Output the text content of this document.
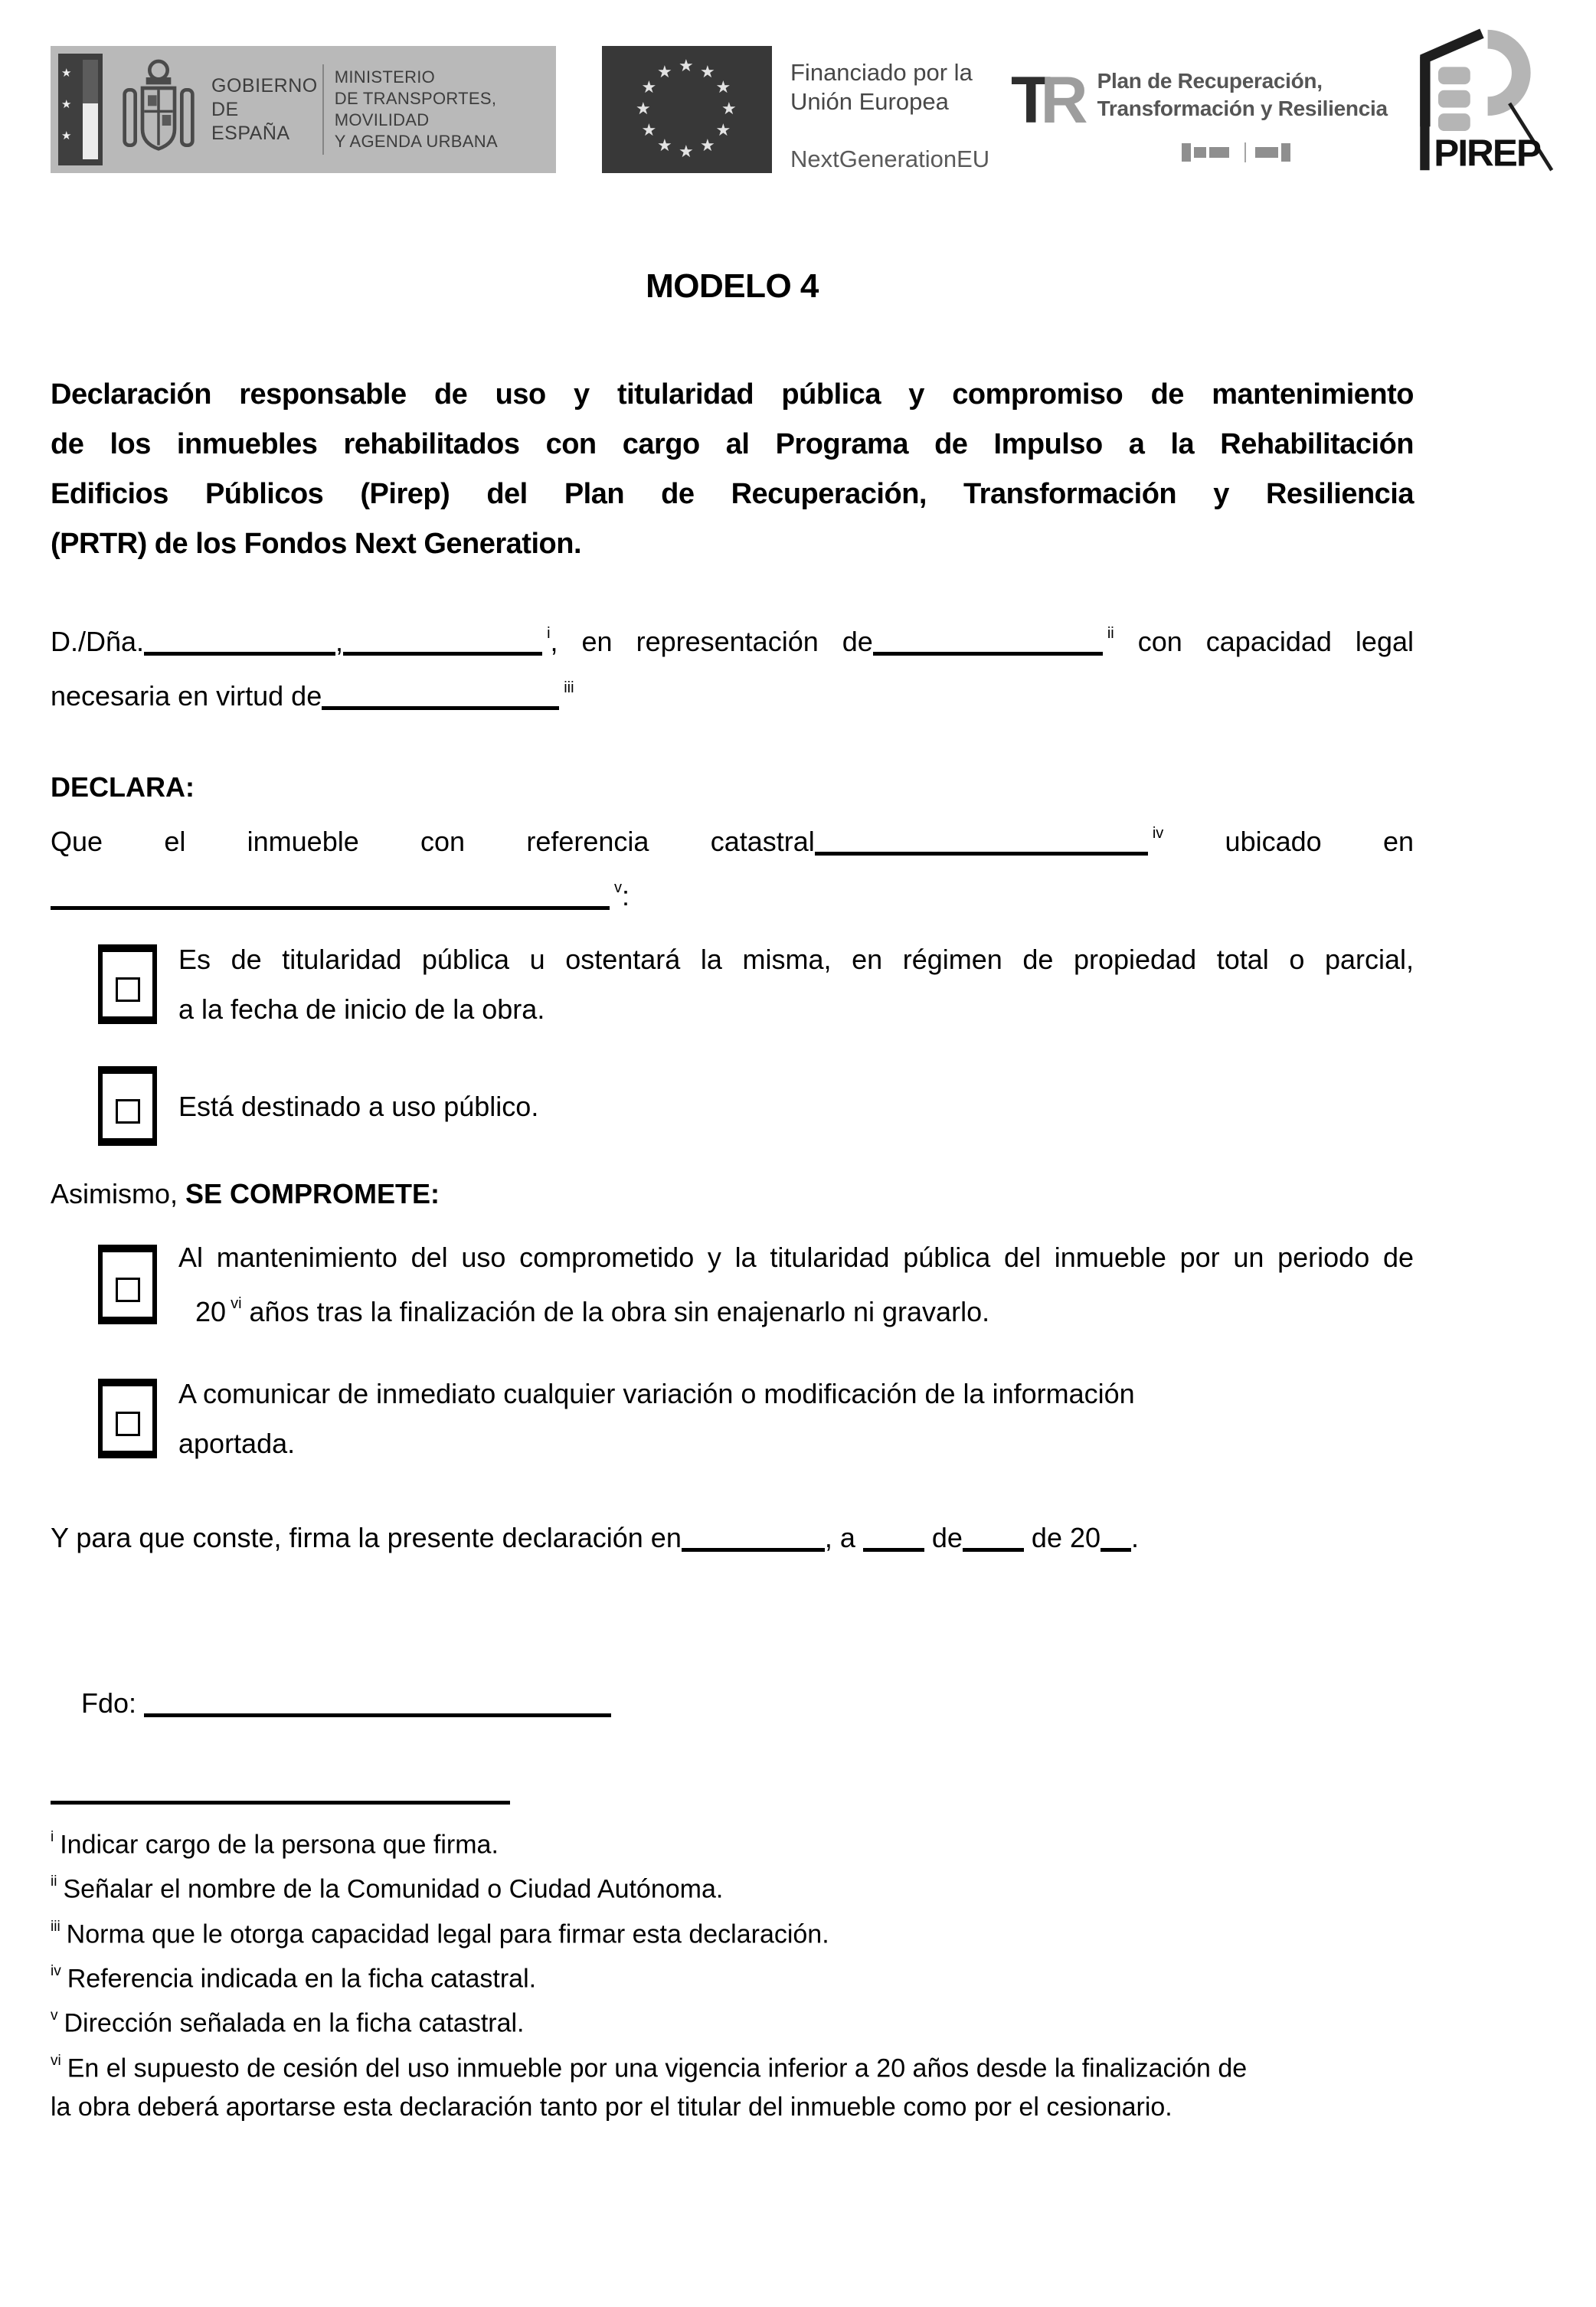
★
★
★
GOBIERNO
DE ESPAÑA
MINISTERIO
DE TRANSPORTES, MOVILIDAD
Y AGENDA URBANA
★ ★
★
★
★
★
★
★
★
★
★
★	Financiado por la
Unión Europea
NextGenerationEU
TR Plan de Recuperación,
Transformación y Resiliencia
PIREP
MODELO 4
Declaración responsable de uso y titularidad pública y compromiso de mantenimiento
de los inmuebles rehabilitados con cargo al Programa de Impulso a la Rehabilitación
Edificios Públicos (Pirep) del Plan de Recuperación, Transformación y Resiliencia
(PRTR) de los Fondos Next Generation.
D./Dña.	,	$^i$, en representación de	$^{ii}$ con capacidad legal
necesaria en virtud de	$^{iii}$
DECLARA:
Que el inmueble con referencia catastral	$^{iv}$ ubicado en
$^v$:
Es de titularidad pública u ostentará la misma, en régimen de propiedad total o parcial,
a la fecha de inicio de la obra.
Está destinado a uso público.
Asimismo, SE COMPROMETE:
Al mantenimiento del uso comprometido y la titularidad pública del inmueble por un periodo de
20 $^{vi}$ años tras la finalización de la obra sin enajenarlo ni gravarlo.
A comunicar de inmediato cualquier variación o modificación de la información
aportada.
Y para que conste, firma la presente declaración en	, a  de de 20 .

Fdo:

$^i$ Indicar cargo de la persona que firma.
$^{ii}$ Señalar el nombre de la Comunidad o Ciudad Autónoma.
$^{iii}$ Norma que le otorga capacidad legal para firmar esta declaración.
$^{iv}$ Referencia indicada en la ficha catastral.
$^v$ Dirección señalada en la ficha catastral.
$^{vi}$ En el supuesto de cesión del uso inmueble por una vigencia inferior a 20 años desde la finalización de
la obra deberá aportarse esta declaración tanto por el titular del inmueble como por el cesionario.
